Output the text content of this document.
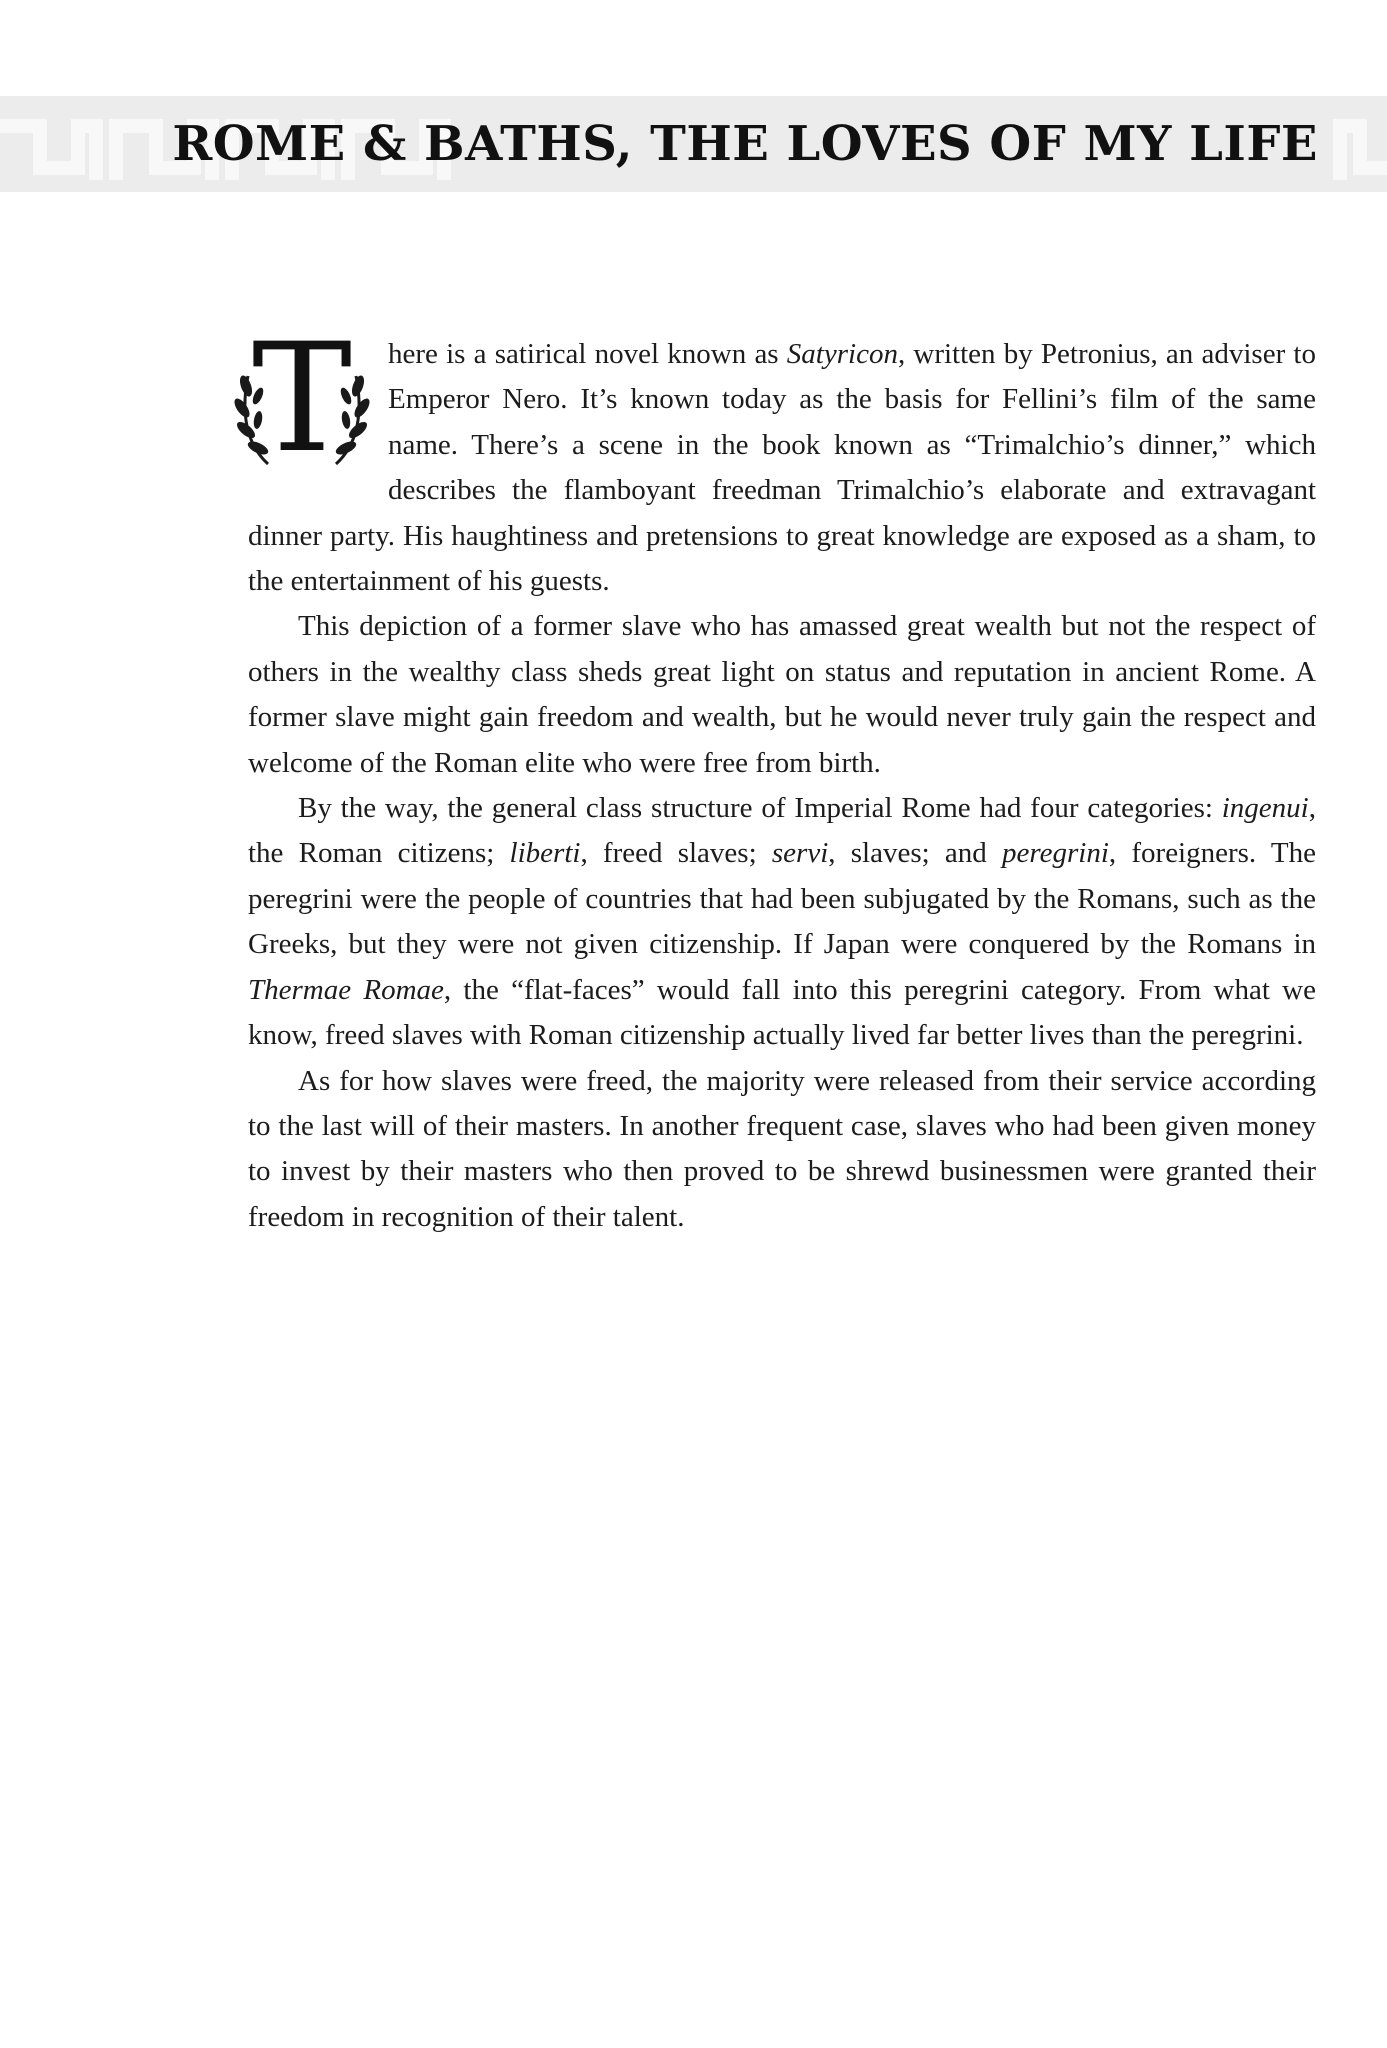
ROME & BATHS, THE LOVES OF MY LIFE
T	here is a satirical novel known as Satyricon, written by Petronius, an adviser to Emperor Nero. It’s known today as the basis for Fellini’s film of the same name. There’s a scene in the book known as “Trimalchio’s dinner,” which describes the flamboyant freedman Trimalchio’s elaborate and extravagant dinner party. His haughtiness and pretensions to great knowledge are exposed as a sham, to the entertainment of his guests.

This depiction of a former slave who has amassed great wealth but not the respect of others in the wealthy class sheds great light on status and reputation in ancient Rome. A former slave might gain freedom and wealth, but he would never truly gain the respect and welcome of the Roman elite who were free from birth.

By the way, the general class structure of Imperial Rome had four categories: ingenui, the Roman citizens; liberti, freed slaves; servi, slaves; and peregrini, foreigners. The peregrini were the people of countries that had been subjugated by the Romans, such as the Greeks, but they were not given citizenship. If Japan were conquered by the Romans in Thermae Romae, the “flat-faces” would fall into this peregrini category. From what we know, freed slaves with Roman citizenship actually lived far better lives than the peregrini.

As for how slaves were freed, the majority were released from their service according to the last will of their masters. In another frequent case, slaves who had been given money to invest by their masters who then proved to be shrewd businessmen were granted their freedom in recognition of their talent.
